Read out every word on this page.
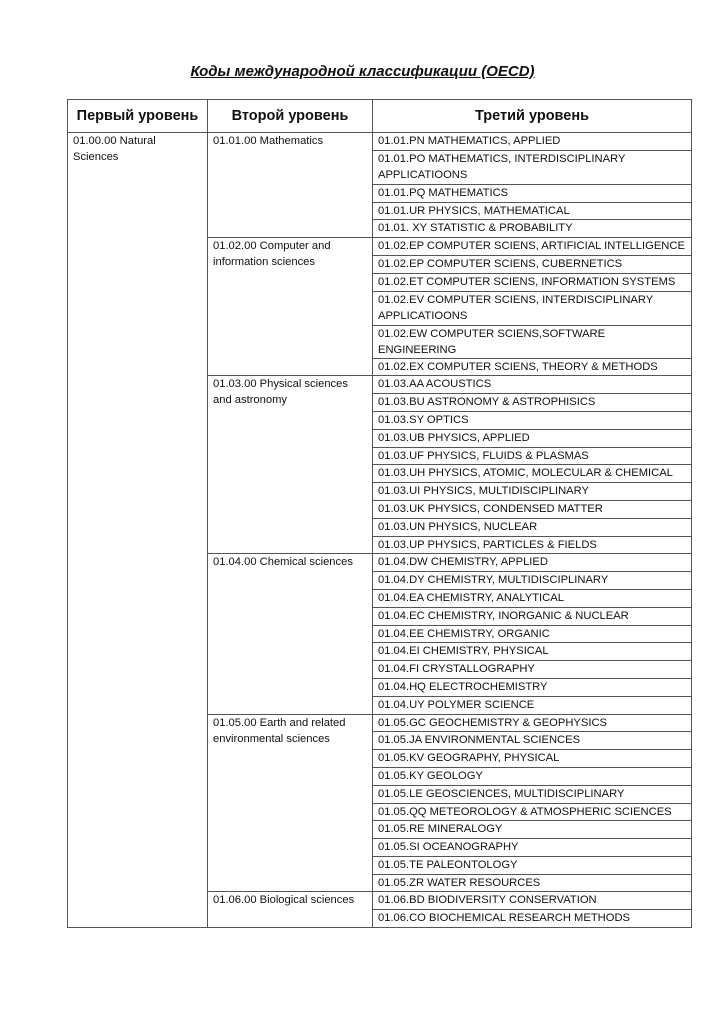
Коды международной классификации (OECD)
Первый уровень	Второй уровень	Третий уровень
01.00.00 Natural Sciences	01.01.00 Mathematics	01.01.PN MATHEMATICS, APPLIED
		01.01.PO MATHEMATICS, INTERDISCIPLINARY APPLICATIOONS
		01.01.PQ MATHEMATICS
		01.01.UR PHYSICS, MATHEMATICAL
		01.01. XY STATISTIC & PROBABILITY
	01.02.00 Computer and information sciences	01.02.EP COMPUTER SCIENS, ARTIFICIAL INTELLIGENCE
		01.02.EP COMPUTER SCIENS, CUBERNETICS
		01.02.ET COMPUTER SCIENS, INFORMATION SYSTEMS
		01.02.EV COMPUTER SCIENS, INTERDISCIPLINARY APPLICATIOONS
		01.02.EW COMPUTER SCIENS,SOFTWARE ENGINEERING
		01.02.EX COMPUTER SCIENS, THEORY & METHODS
	01.03.00 Physical sciences and astronomy	01.03.AA ACOUSTICS
		01.03.BU ASTRONOMY & ASTROPHISICS
		01.03.SY OPTICS
		01.03.UB PHYSICS, APPLIED
		01.03.UF PHYSICS, FLUIDS & PLASMAS
		01.03.UH PHYSICS, ATOMIC, MOLECULAR & CHEMICAL
		01.03.UI PHYSICS, MULTIDISCIPLINARY
		01.03.UK PHYSICS, CONDENSED MATTER
		01.03.UN PHYSICS, NUCLEAR
		01.03.UP PHYSICS, PARTICLES & FIELDS
	01.04.00 Chemical sciences	01.04.DW CHEMISTRY, APPLIED
		01.04.DY CHEMISTRY, MULTIDISCIPLINARY
		01.04.EA CHEMISTRY, ANALYTICAL
		01.04.EC CHEMISTRY, INORGANIC & NUCLEAR
		01.04.EE CHEMISTRY, ORGANIC
		01.04.EI CHEMISTRY, PHYSICAL
		01.04.FI CRYSTALLOGRAPHY
		01.04.HQ ELECTROCHEMISTRY
		01.04.UY POLYMER SCIENCE
	01.05.00 Earth and related environmental sciences	01.05.GC GEOCHEMISTRY & GEOPHYSICS
		01.05.JA ENVIRONMENTAL SCIENCES
		01.05.KV GEOGRAPHY, PHYSICAL
		01.05.KY GEOLOGY
		01.05.LE GEOSCIENCES, MULTIDISCIPLINARY
		01.05.QQ METEOROLOGY & ATMOSPHERIC SCIENCES
		01.05.RE MINERALOGY
		01.05.SI OCEANOGRAPHY
		01.05.TE PALEONTOLOGY
		01.05.ZR WATER RESOURCES
	01.06.00 Biological sciences	01.06.BD BIODIVERSITY CONSERVATION
		01.06.CO BIOCHEMICAL RESEARCH METHODS
